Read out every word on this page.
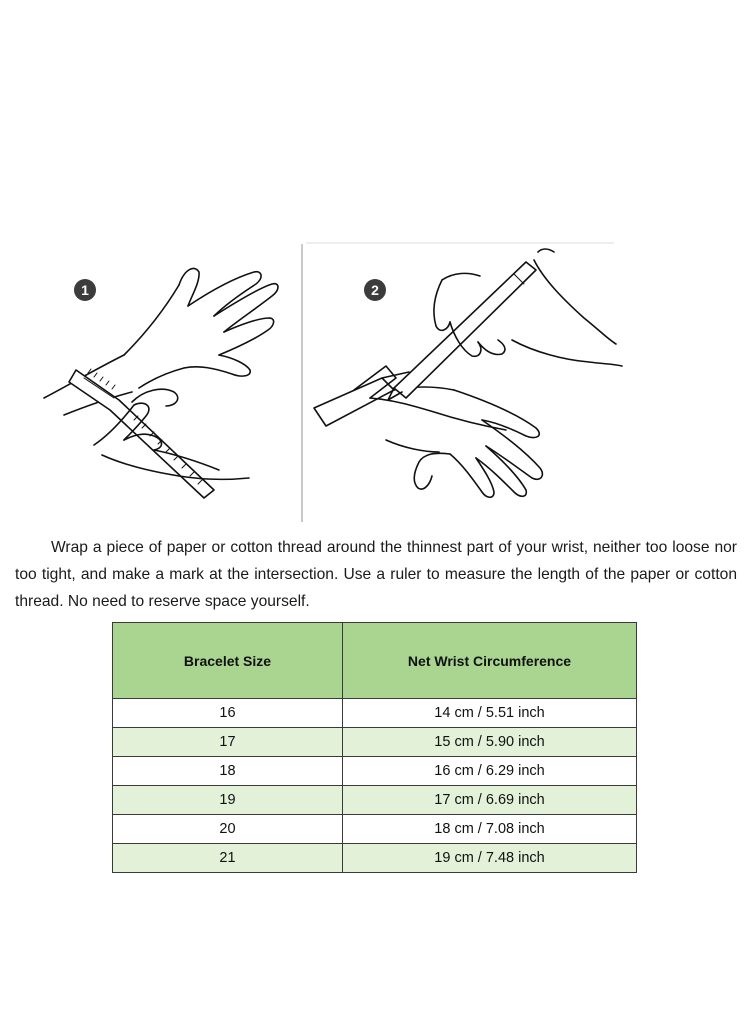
1	2

Wrap a piece of paper or cotton thread around the thinnest part of your wrist, neither too loose nor too tight, and make a mark at the intersection. Use a ruler to measure the length of the paper or cotton thread. No need to reserve space yourself.

Bracelet Size	Net Wrist Circumference
16	14 cm / 5.51 inch
17	15 cm / 5.90 inch
18	16 cm / 6.29 inch
19	17 cm / 6.69 inch
20	18 cm / 7.08 inch
21	19 cm / 7.48 inch
